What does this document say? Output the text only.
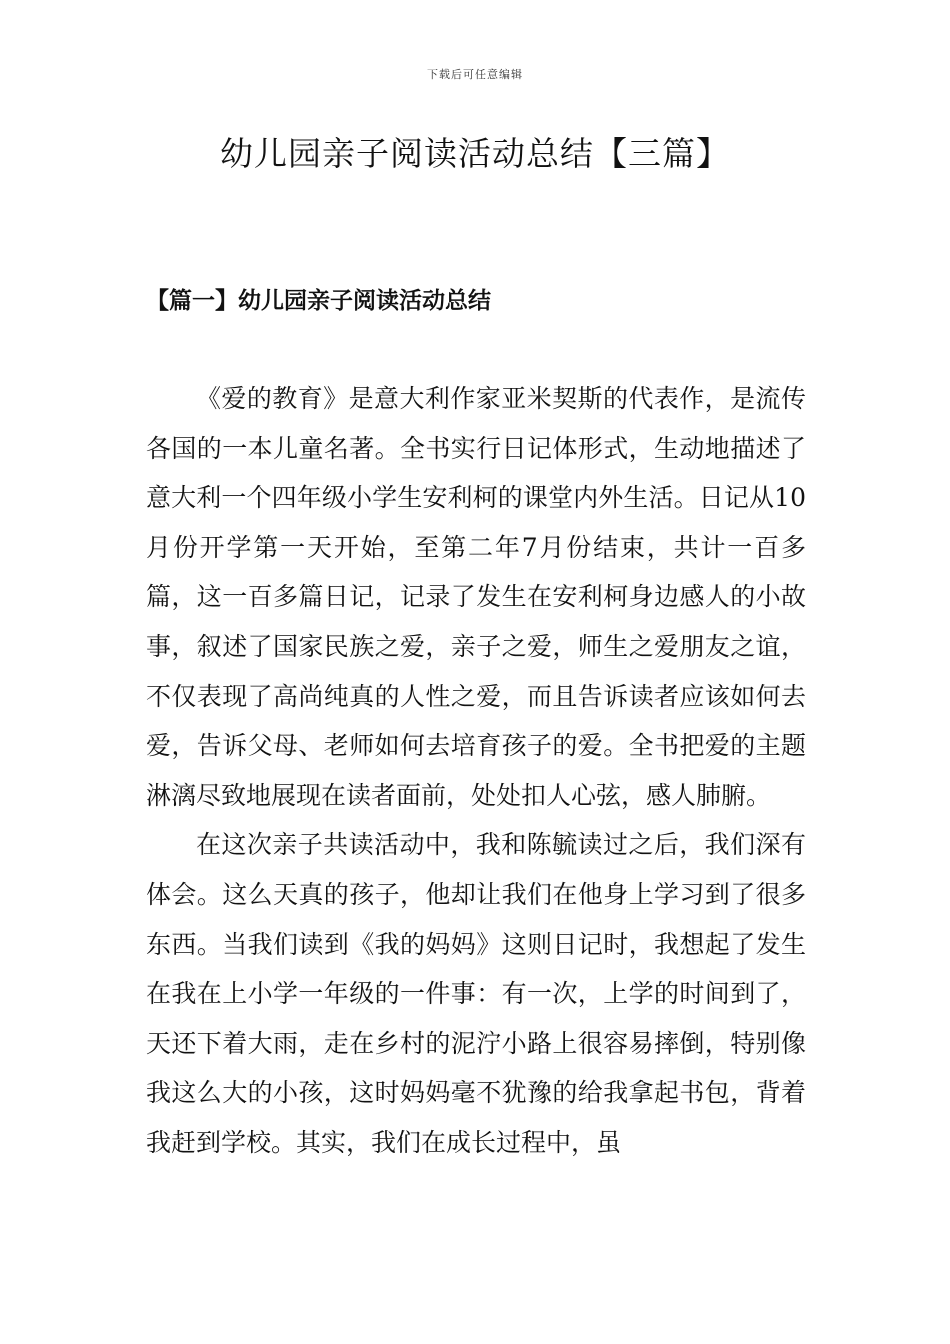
下载后可任意编辑
幼儿园亲子阅读活动总结【三篇】
【篇一】幼儿园亲子阅读活动总结

《爱的教育》是意大利作家亚米契斯的代表作，是流传各国的一本儿童名著。全书实行日记体形式，生动地描述了意大利一个四年级小学生安利柯的课堂内外生活。日记从10月份开学第一天开始，至第二年7月份结束，共计一百多篇，这一百多篇日记，记录了发生在安利柯身边感人的小故事，叙述了国家民族之爱，亲子之爱，师生之爱朋友之谊，不仅表现了高尚纯真的人性之爱，而且告诉读者应该如何去爱，告诉父母、老师如何去培育孩子的爱。全书把爱的主题淋漓尽致地展现在读者面前，处处扣人心弦，感人肺腑。

在这次亲子共读活动中，我和陈毓读过之后，我们深有体会。这么天真的孩子，他却让我们在他身上学习到了很多东西。当我们读到《我的妈妈》这则日记时，我想起了发生在我在上小学一年级的一件事：有一次，上学的时间到了，天还下着大雨，走在乡村的泥泞小路上很容易摔倒，特别像我这么大的小孩，这时妈妈毫不犹豫的给我拿起书包，背着我赶到学校。其实，我们在成长过程中，虽
